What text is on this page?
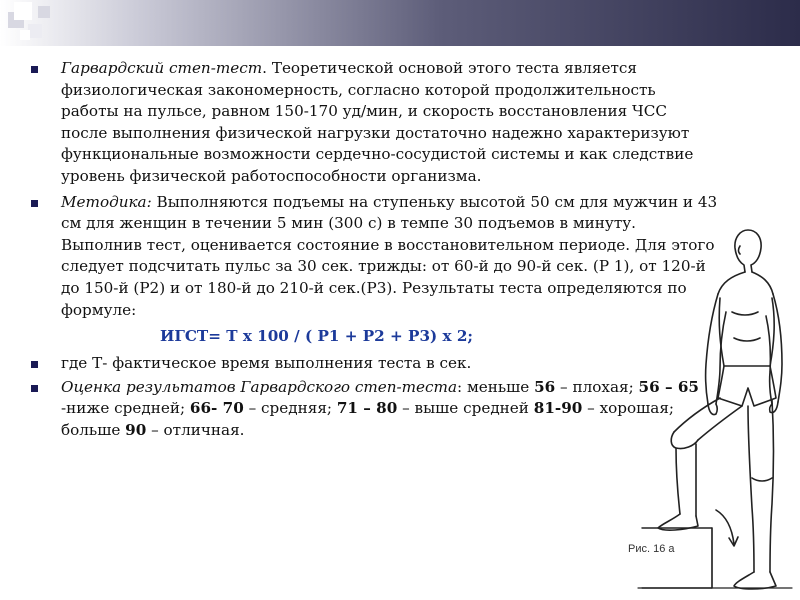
Гарвардский степ-тест. Теоретической основой этого теста является физиологическая закономерность, согласно которой продолжительность работы на пульсе, равном 150-170 уд/мин, и скорость восстановления ЧСС после выполнения физической нагрузки достаточно надежно характеризуют функциональные возможности сердечно-сосудистой системы и как следствие уровень физической работоспособности организма.

Методика: Выполняются подъемы на ступеньку высотой 50 см для мужчин и 43 см для женщин в течении 5 мин (300 с) в темпе 30 подъемов в минуту. Выполнив тест, оценивается состояние в восстановительном периоде. Для этого следует подсчитать пульс за 30 сек. трижды: от 60-й до 90-й сек. (Р 1), от 120-й до 150-й (Р2) и от 180-й до 210-й сек.(Р3). Результаты теста определяются по формуле:

ИГСТ= Т х 100 / ( Р1 + Р2 + Р3) х 2;

где Т- фактическое время выполнения теста в сек.

Оценка результатов Гарвардского степ-теста: меньше 56 – плохая; 56 – 65 -ниже средней; 66- 70 – средняя; 71 – 80 – выше средней 81-90 – хорошая; больше 90 – отличная.

Рис. 16 а
